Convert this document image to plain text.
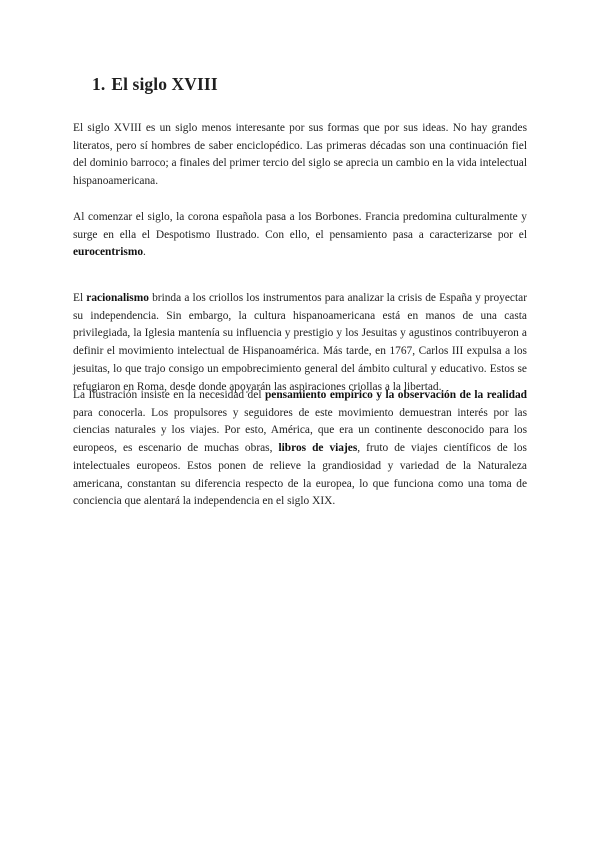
1. El siglo XVIII

El siglo XVIII es un siglo menos interesante por sus formas que por sus ideas. No hay grandes literatos, pero sí hombres de saber enciclopédico. Las primeras décadas son una continuación fiel del dominio barroco; a finales del primer tercio del siglo se aprecia un cambio en la vida intelectual hispanoamericana.

Al comenzar el siglo, la corona española pasa a los Borbones. Francia predomina culturalmente y surge en ella el Despotismo Ilustrado. Con ello, el pensamiento pasa a caracterizarse por el eurocentrismo.

El racionalismo brinda a los criollos los instrumentos para analizar la crisis de España y proyectar su independencia. Sin embargo, la cultura hispanoamericana está en manos de una casta privilegiada, la Iglesia mantenía su influencia y prestigio y los Jesuitas y agustinos contribuyeron a definir el movimiento intelectual de Hispanoamérica. Más tarde, en 1767, Carlos III expulsa a los jesuitas, lo que trajo consigo un empobrecimiento general del ámbito cultural y educativo. Estos se refugiaron en Roma, desde donde apoyarán las aspiraciones criollas a la libertad.

La Ilustración insiste en la necesidad del pensamiento empírico y la observación de la realidad para conocerla. Los propulsores y seguidores de este movimiento demuestran interés por las ciencias naturales y los viajes. Por esto, América, que era un continente desconocido para los europeos, es escenario de muchas obras, libros de viajes, fruto de viajes científicos de los intelectuales europeos. Estos ponen de relieve la grandiosidad y variedad de la Naturaleza americana, constantan su diferencia respecto de la europea, lo que funciona como una toma de conciencia que alentará la independencia en el siglo XIX.
